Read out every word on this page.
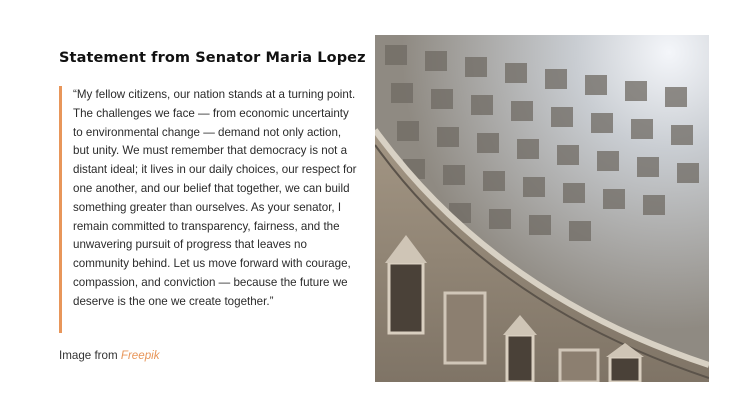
Statement from Senator Maria Lopez

“My fellow citizens, our nation stands at a turning point.

The challenges we face — from economic uncertainty to environmental change — demand not only action, but unity. We must remember that democracy is not a distant ideal; it lives in our daily choices, our respect for one another, and our belief that together, we can build something greater than ourselves. As your senator, I remain committed to transparency, fairness, and the unwavering pursuit of progress that leaves no community behind. Let us move forward with courage, compassion, and conviction — because the future we deserve is the one we create together.”

Image from Freepik
